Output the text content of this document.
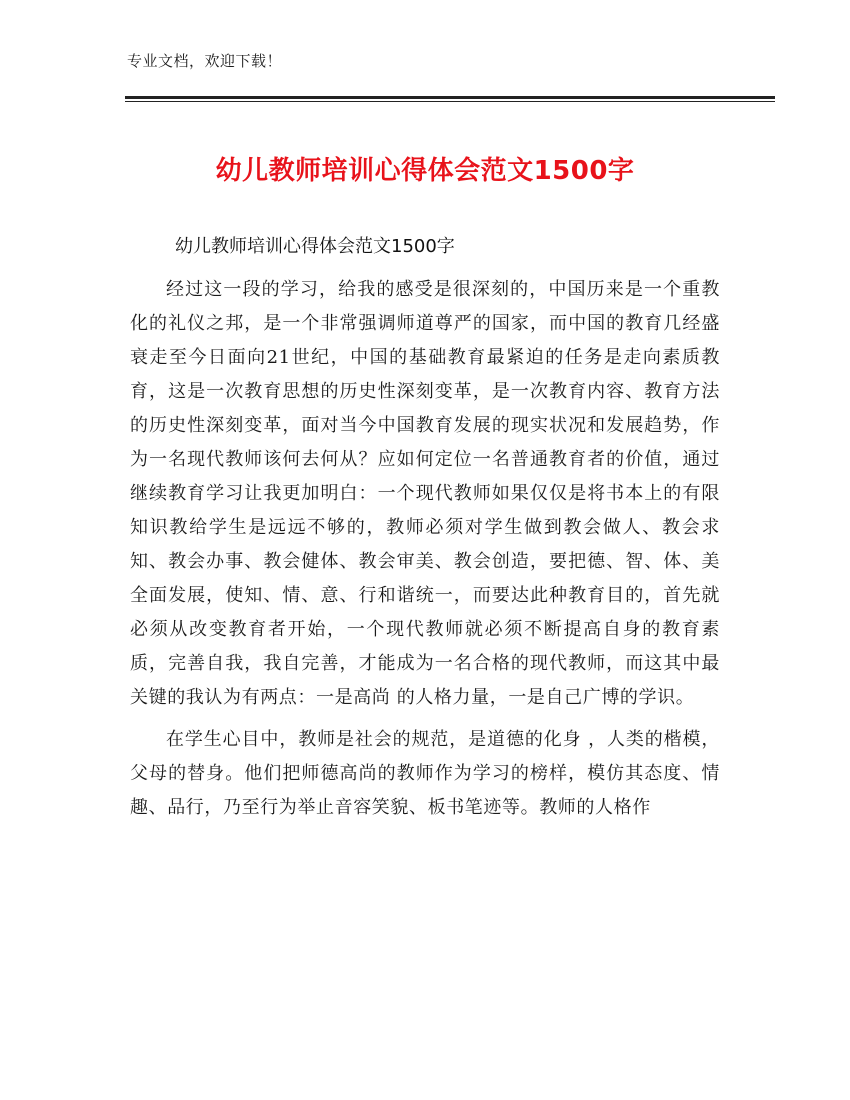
专业文档，欢迎下载！
幼儿教师培训心得体会范文1500字
幼儿教师培训心得体会范文1500字

经过这一段的学习，给我的感受是很深刻的，中国历来是一个重教化的礼仪之邦，是一个非常强调师道尊严的国家，而中国的教育几经盛衰走至今日面向21世纪，中国的基础教育最紧迫的任务是走向素质教育，这是一次教育思想的历史性深刻变革，是一次教育内容、教育方法的历史性深刻变革，面对当今中国教育发展的现实状况和发展趋势，作为一名现代教师该何去何从？应如何定位一名普通教育者的价值，通过继续教育学习让我更加明白：一个现代教师如果仅仅是将书本上的有限知识教给学生是远远不够的，教师必须对学生做到教会做人、教会求知、教会办事、教会健体、教会审美、教会创造，要把德、智、体、美全面发展，使知、情、意、行和谐统一，而要达此种教育目的，首先就必须从改变教育者开始，一个现代教师就必须不断提高自身的教育素质，完善自我，我自完善，才能成为一名合格的现代教师，而这其中最关键的我认为有两点：一是高尚 的人格力量，一是自己广博的学识。

在学生心目中，教师是社会的规范，是道德的化身 ，人类的楷模，父母的替身。他们把师德高尚的教师作为学习的榜样，模仿其态度、情趣、品行，乃至行为举止音容笑貌、板书笔迹等。教师的人格作
